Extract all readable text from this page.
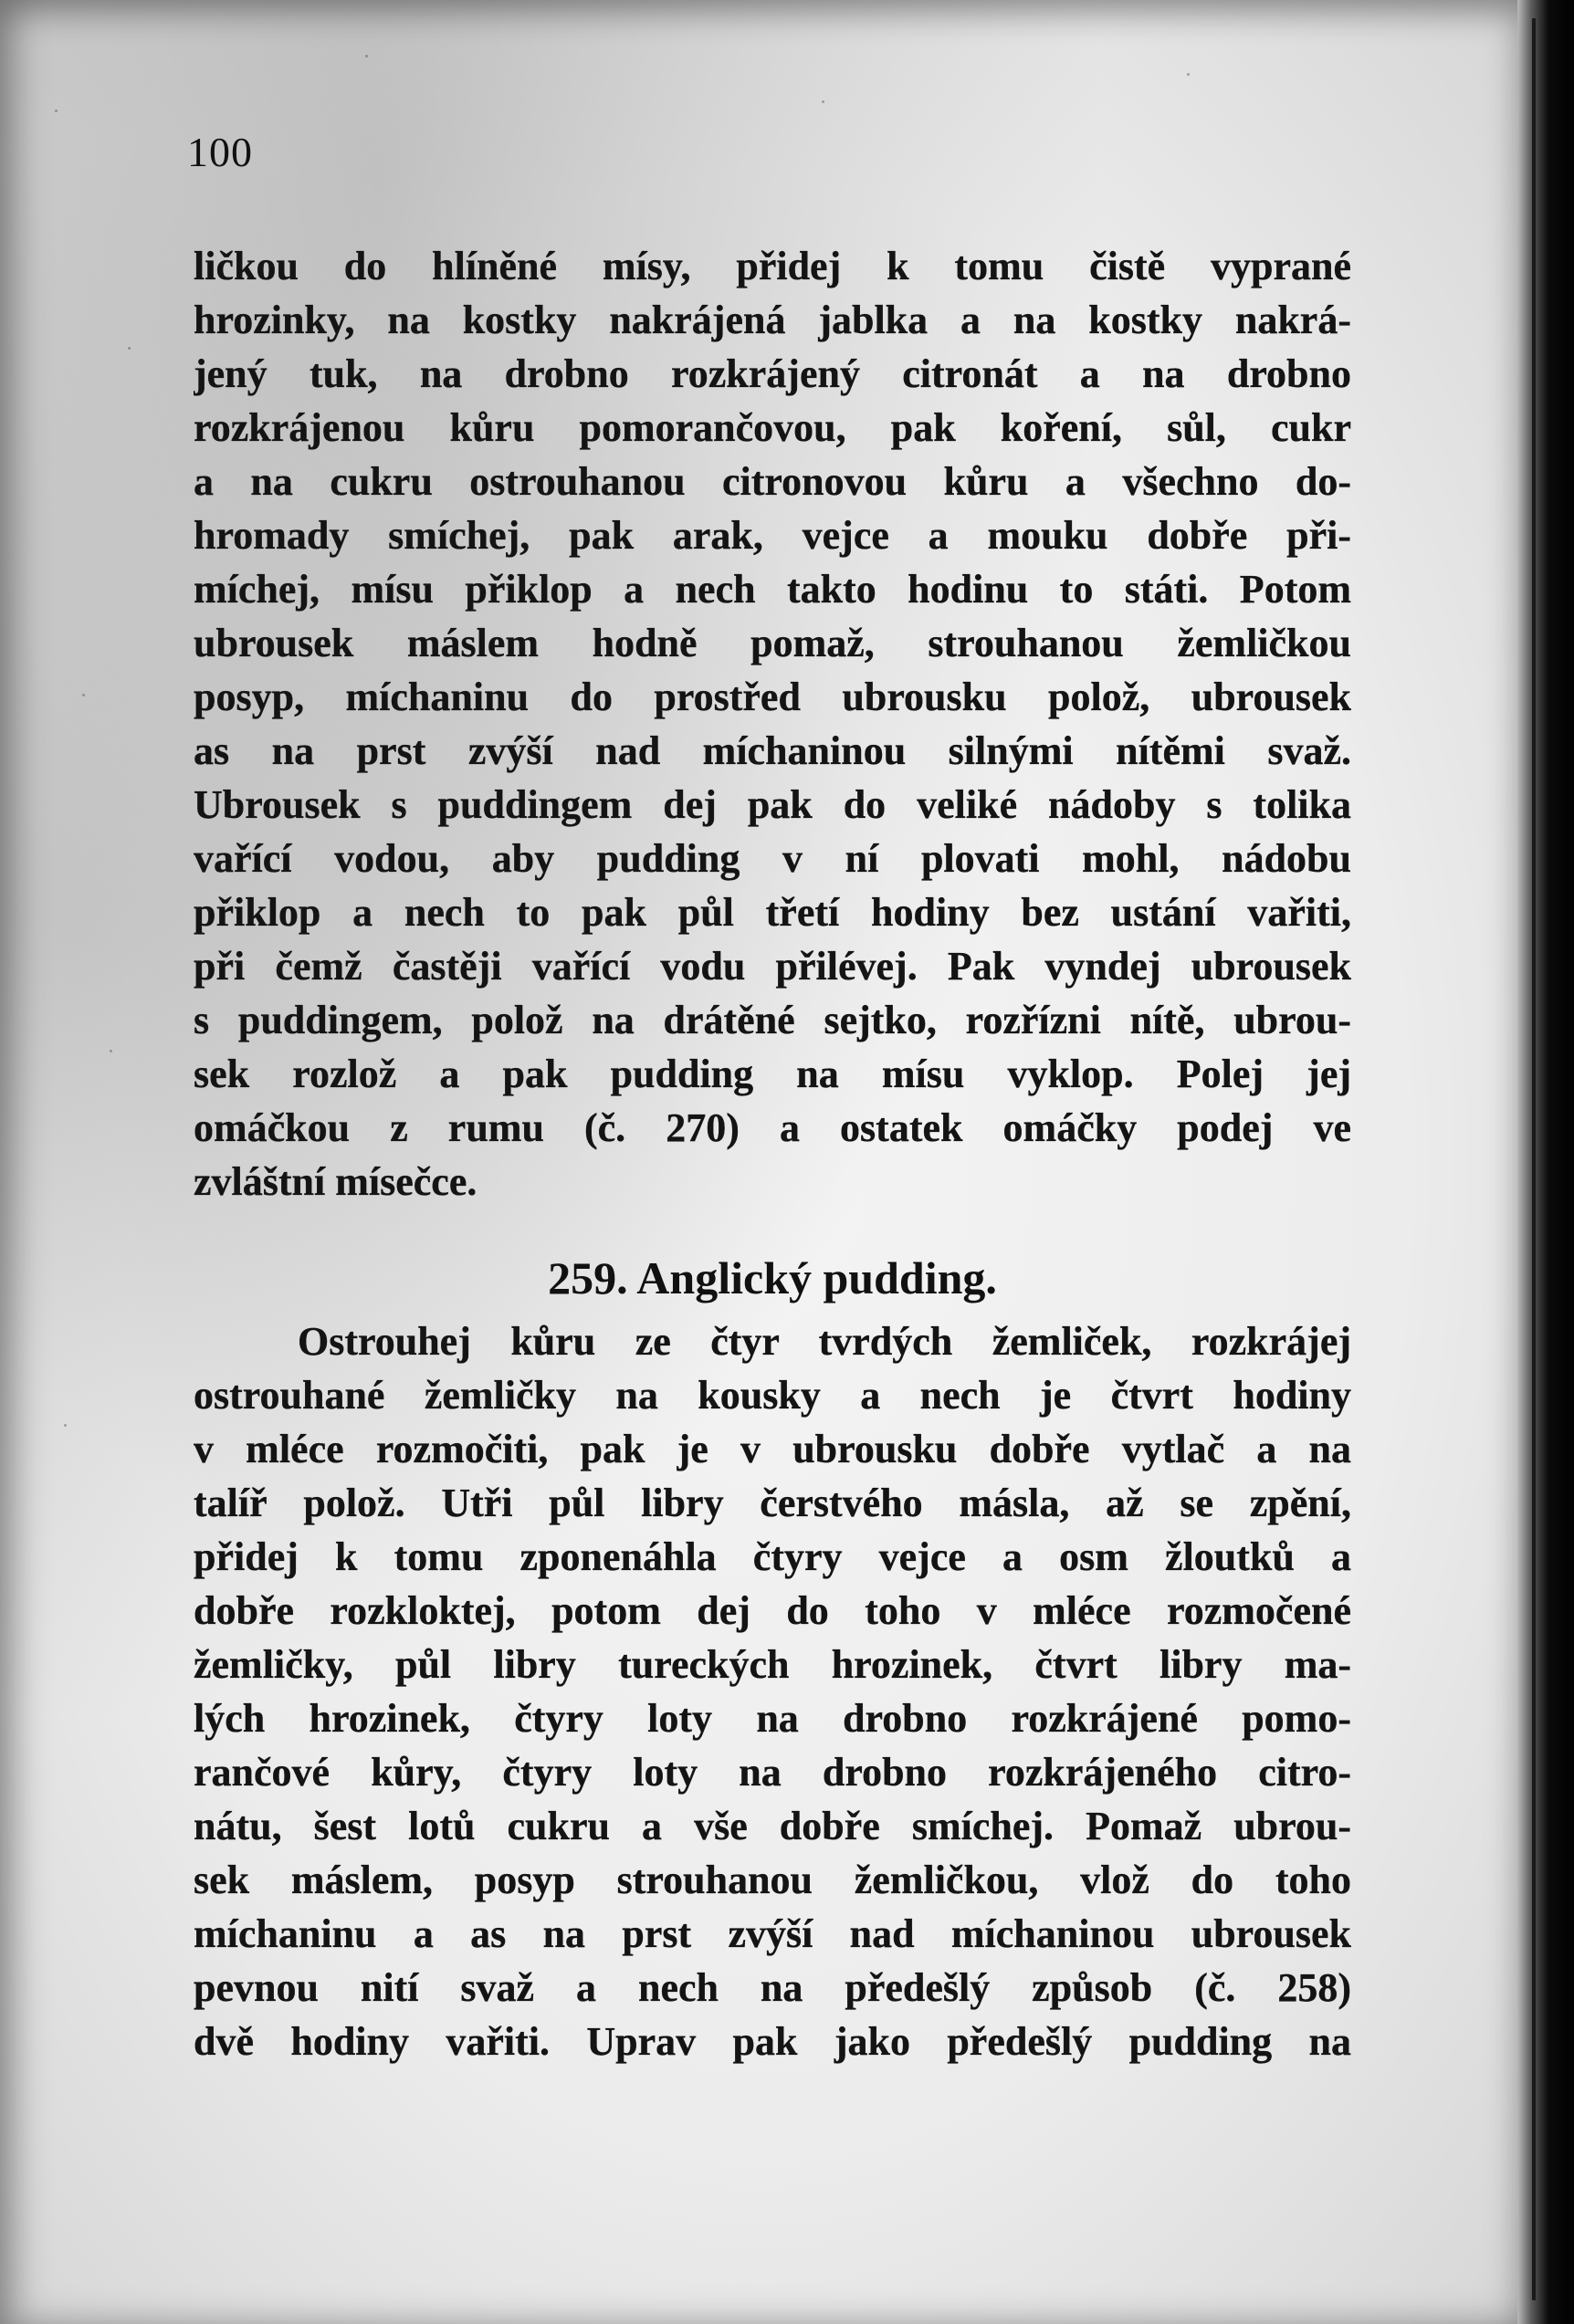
100
ličkou do hlíněné mísy, přidej k tomu čistě vyprané
hrozinky, na kostky nakrájená jablka a na kostky nakrá-
jený tuk, na drobno rozkrájený citronát a na drobno
rozkrájenou kůru pomorančovou, pak koření, sůl, cukr
a na cukru ostrouhanou citronovou kůru a všechno do-
hromady smíchej, pak arak, vejce a mouku dobře při-
míchej, mísu přiklop a nech takto hodinu to státi. Potom
ubrousek máslem hodně pomaž, strouhanou žemličkou
posyp, míchaninu do prostřed ubrousku polož, ubrousek
as na prst zvýší nad míchaninou silnými nítěmi svaž.
Ubrousek s puddingem dej pak do veliké nádoby s tolika
vařící vodou, aby pudding v ní plovati mohl, nádobu
přiklop a nech to pak půl třetí hodiny bez ustání vařiti,
při čemž častěji vařící vodu přilévej. Pak vyndej ubrousek
s puddingem, polož na drátěné sejtko, rozřízni nítě, ubrou-
sek rozlož a pak pudding na mísu vyklop. Polej jej
omáčkou z rumu (č. 270) a ostatek omáčky podej ve
zvláštní mísečce.
259. Anglický pudding.
Ostrouhej kůru ze čtyr tvrdých žemliček, rozkrájej
ostrouhané žemličky na kousky a nech je čtvrt hodiny
v mléce rozmočiti, pak je v ubrousku dobře vytlač a na
talíř polož. Utři půl libry čerstvého másla, až se zpění,
přidej k tomu zponenáhla čtyry vejce a osm žloutků a
dobře rozkloktej, potom dej do toho v mléce rozmočené
žemličky, půl libry tureckých hrozinek, čtvrt libry ma-
lých hrozinek, čtyry loty na drobno rozkrájené pomo-
rančové kůry, čtyry loty na drobno rozkrájeného citro-
nátu, šest lotů cukru a vše dobře smíchej. Pomaž ubrou-
sek máslem, posyp strouhanou žemličkou, vlož do toho
míchaninu a as na prst zvýší nad míchaninou ubrousek
pevnou nití svaž a nech na předešlý způsob (č. 258)
dvě hodiny vařiti. Uprav pak jako předešlý pudding na
